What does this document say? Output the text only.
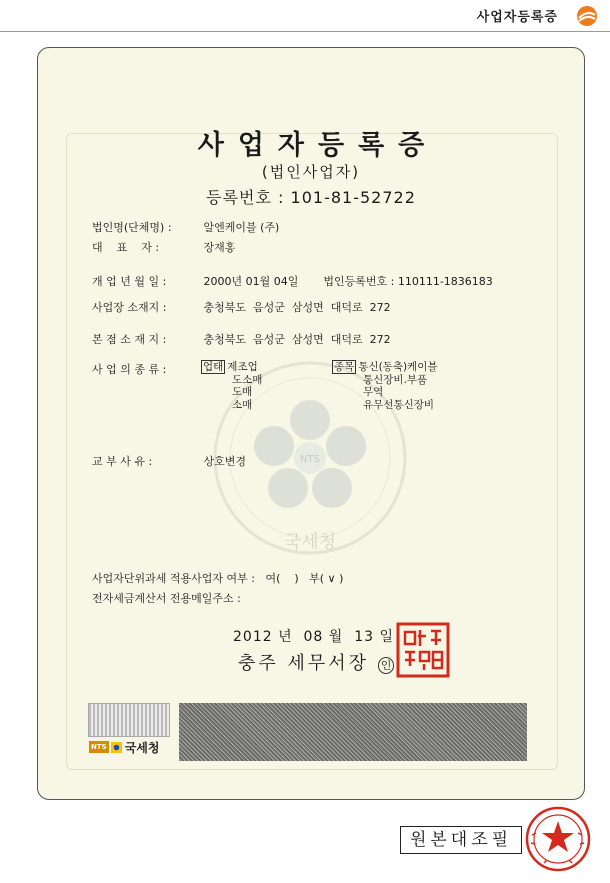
사업자등록증
NTS
국세청
사업자등록증
(법인사업자)
등록번호 : 101-81-52722
법인명(단체명) :	알엔케이블 (주)
대    표    자 :	장재홍
개 업 년 월 일 :	2000년 01월 04일 법인등록번호 : 110111-1836183
사업장 소재지 :	충청북도  음성군  삼성면  대덕로  272
본 점 소 재 지 :	충청북도  음성군  삼성면  대덕로  272
사 업 의 종 류 :	업태 제조업
도소매
도매
소매
종목 통신(동축)케이블
통신장비.부품
무역
유무선통신장비
교 부 사 유 :	상호변경
사업자단위과세 적용사업자 여부 :   여(    )   부( ∨ )
전자세금계산서 전용메일주소 :
2012 년  08 월  13 일
충주 세무서장 인
NTS 국세청
원본대조필
